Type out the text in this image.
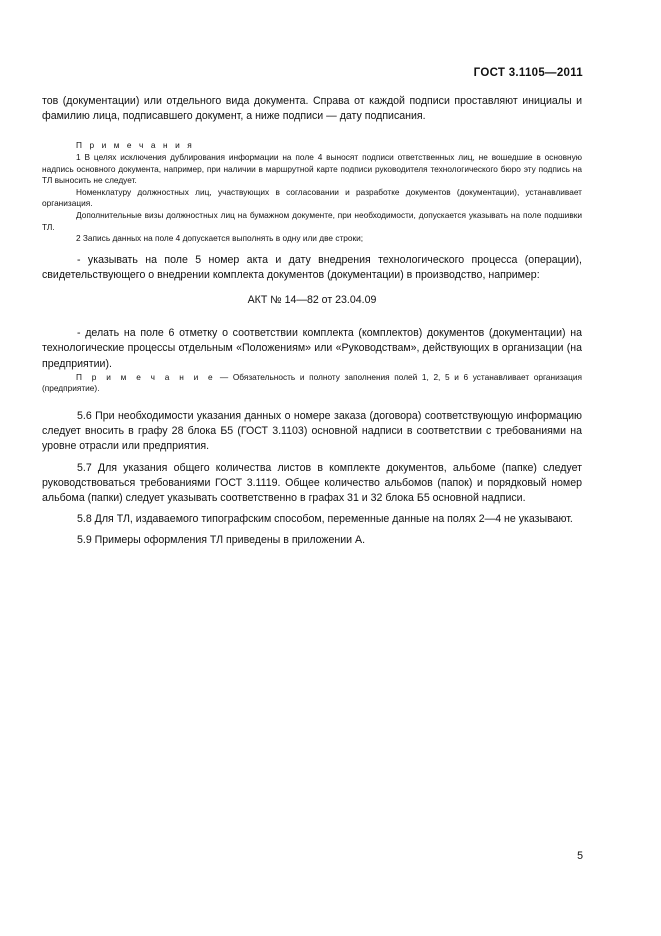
ГОСТ 3.1105—2011

тов (документации) или отдельного вида документа. Справа от каждой подписи проставляют инициалы и фамилию лица, подписавшего документ, а ниже подписи — дату подписания.

П р и м е ч а н и я

1 В целях исключения дублирования информации на поле 4 выносят подписи ответственных лиц, не вошедшие в основную надпись основного документа, например, при наличии в маршрутной карте подписи руководителя технологического бюро эту подпись на ТЛ выносить не следует.

Номенклатуру должностных лиц, участвующих в согласовании и разработке документов (документации), устанавливает организация.

Дополнительные визы должностных лиц на бумажном документе, при необходимости, допускается указывать на поле подшивки ТЛ.

2 Запись данных на поле 4 допускается выполнять в одну или две строки;

- указывать на поле 5 номер акта и дату внедрения технологического процесса (операции), свидетельствующего о внедрении комплекта документов (документации) в производство, например:

АКТ № 14—82 от 23.04.09

- делать на поле 6 отметку о соответствии комплекта (комплектов) документов (документации) на технологические процессы отдельным «Положениям» или «Руководствам», действующих в организации (на предприятии).

П р и м е ч а н и е — Обязательность и полноту заполнения полей 1, 2, 5 и 6 устанавливает организация (предприятие).

5.6 При необходимости указания данных о номере заказа (договора) соответствующую информацию следует вносить в графу 28 блока Б5 (ГОСТ 3.1103) основной надписи в соответствии с требованиями на уровне отрасли или предприятия.

5.7 Для указания общего количества листов в комплекте документов, альбоме (папке) следует руководствоваться требованиями ГОСТ 3.1119. Общее количество альбомов (папок) и порядковый номер альбома (папки) следует указывать соответственно в графах 31 и 32 блока Б5 основной надписи.

5.8 Для ТЛ, издаваемого типографским способом, переменные данные на полях 2—4 не указывают.

5.9 Примеры оформления ТЛ приведены в приложении А.

5
